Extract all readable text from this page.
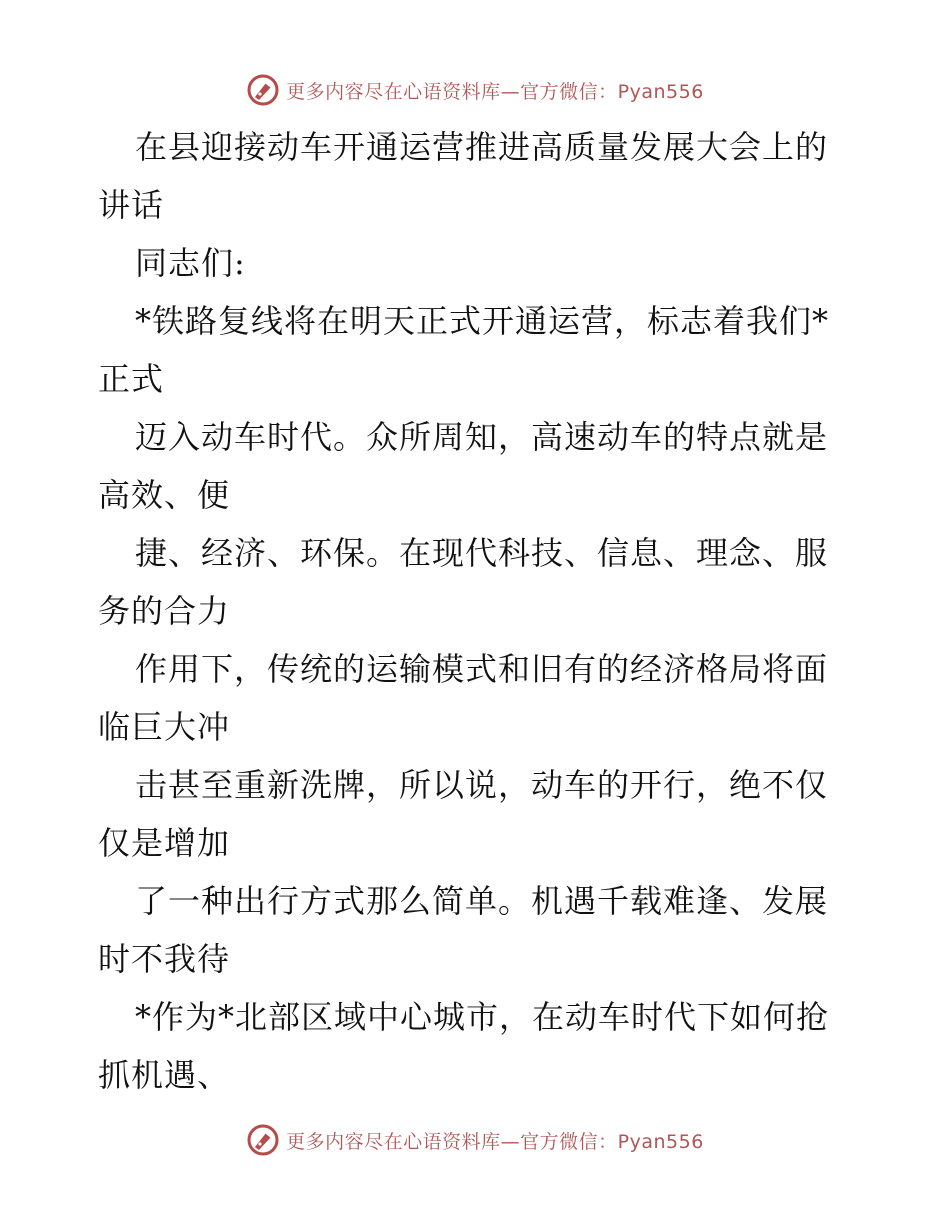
更多内容尽在心语资料库—官方微信：Pyan556

在县迎接动车开通运营推进高质量发展大会上的

讲话

同志们:

*铁路复线将在明天正式开通运营，标志着我们*

正式

迈入动车时代。众所周知，高速动车的特点就是

高效、便

捷、经济、环保。在现代科技、信息、理念、服

务的合力

作用下，传统的运输模式和旧有的经济格局将面

临巨大冲

击甚至重新洗牌，所以说，动车的开行，绝不仅

仅是增加

了一种出行方式那么简单。机遇千载难逢、发展

时不我待

*作为*北部区域中心城市，在动车时代下如何抢

抓机遇、

更多内容尽在心语资料库—官方微信：Pyan556
